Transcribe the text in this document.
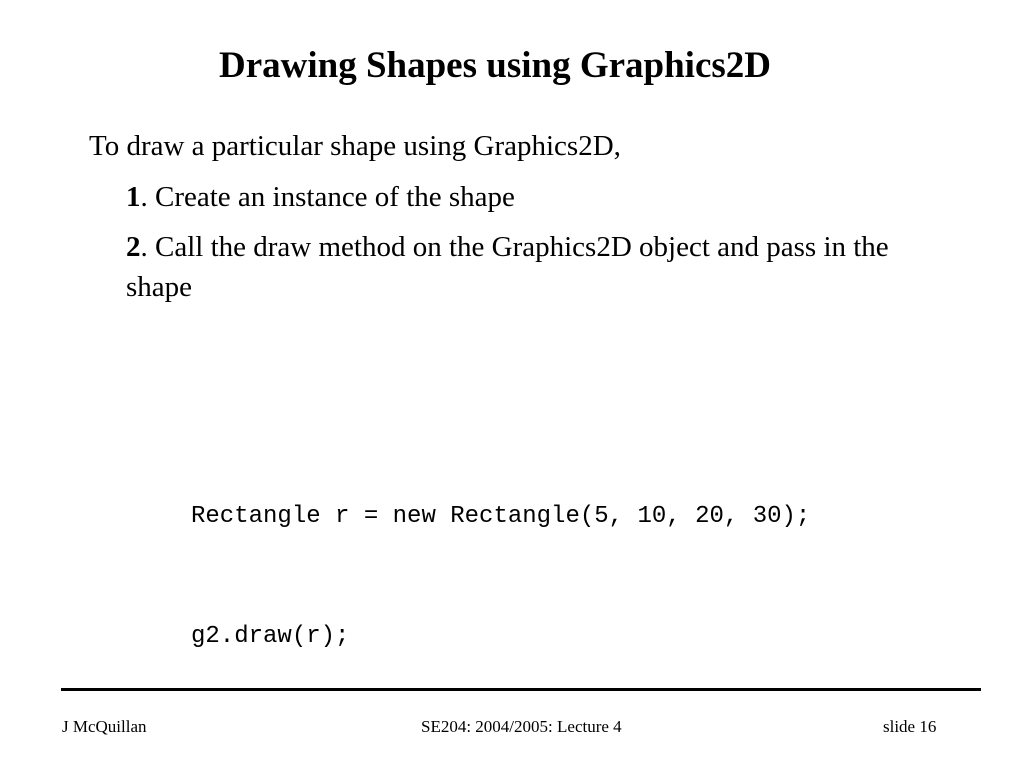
Drawing Shapes using Graphics2D

To draw a particular shape using Graphics2D,

1. Create an instance of the shape

2. Call the draw method on the Graphics2D object and pass in the shape

Rectangle r = new Rectangle(5, 10, 20, 30);

g2.draw(r);

J McQuillan	SE204: 2004/2005: Lecture 4	slide 16
